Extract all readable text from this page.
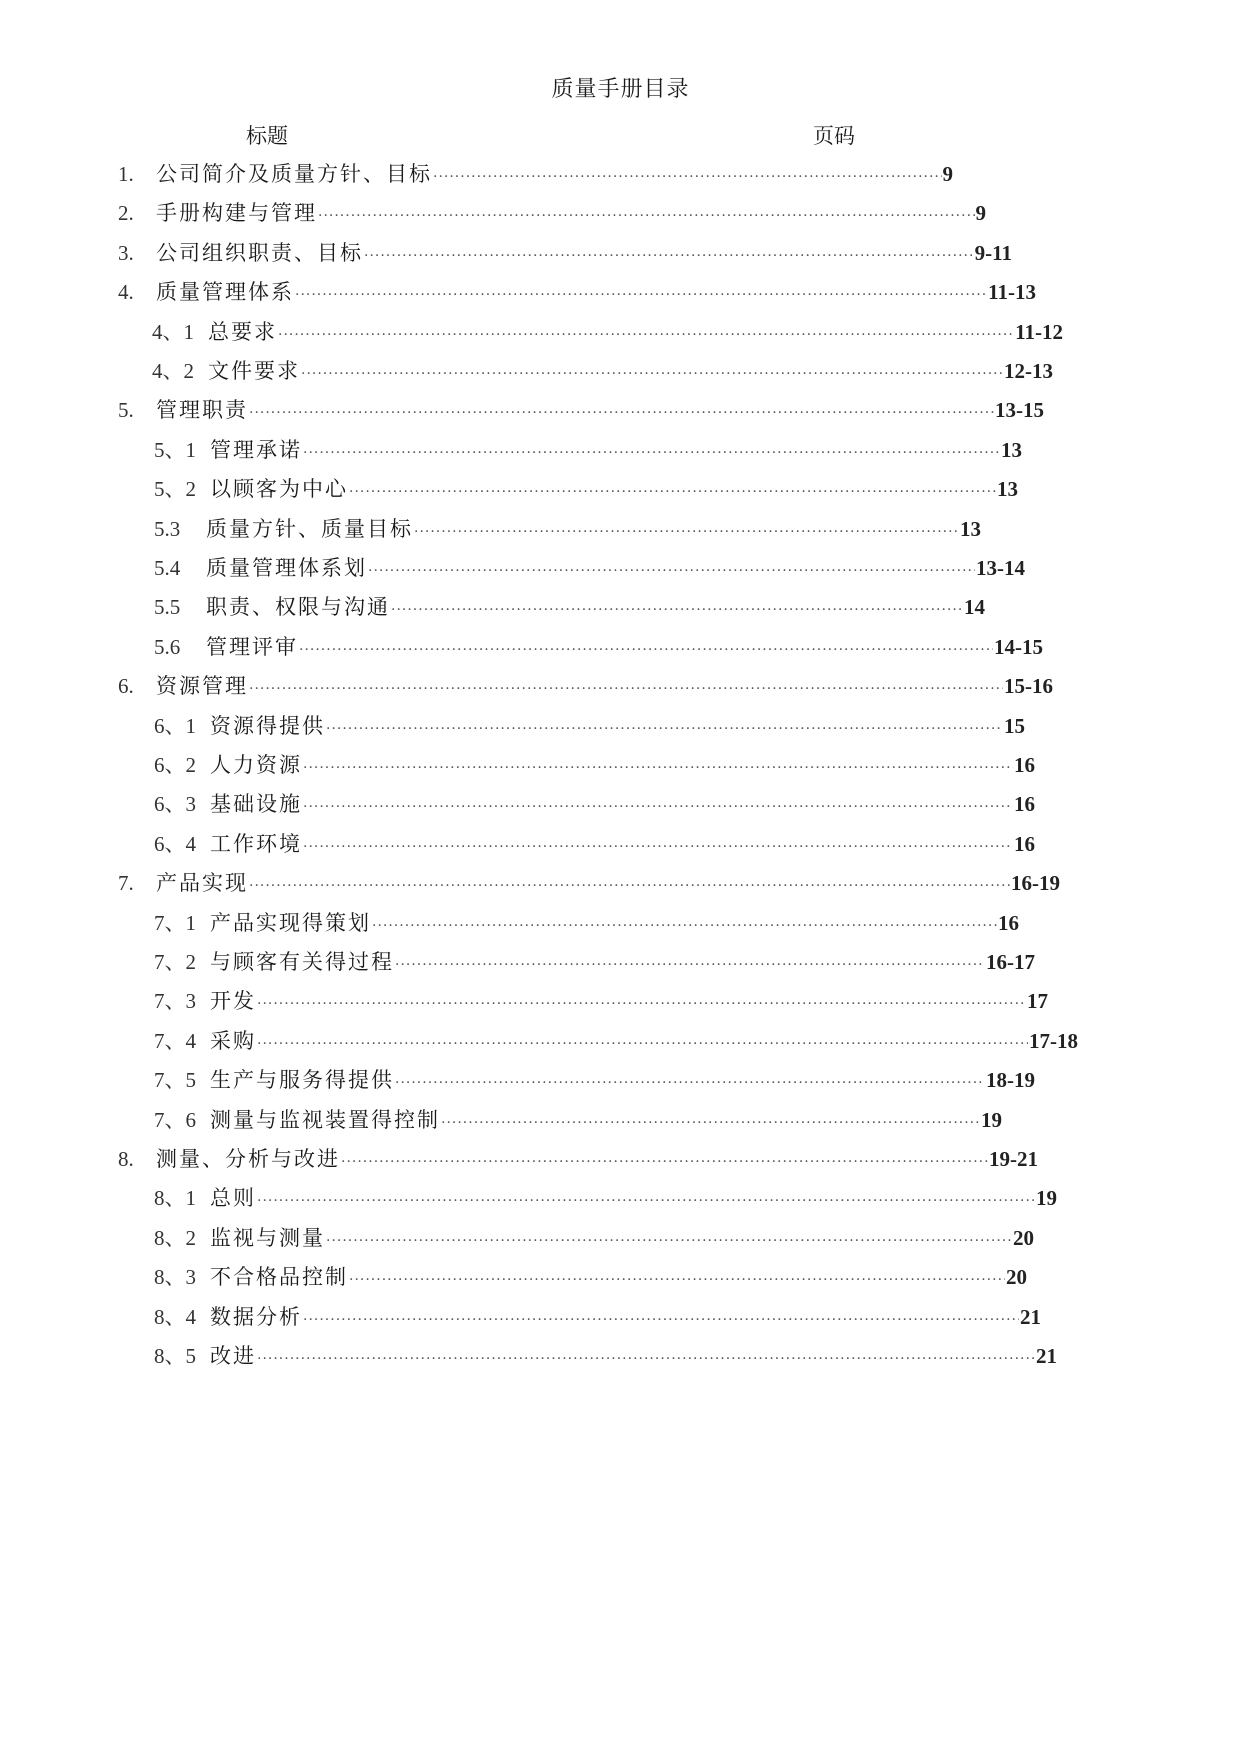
质量手册目录
标题	页码
1.	公司简介及质量方针、目标 ·····	9
2.	手册构建与管理 ·····	9
3.	公司组织职责、目标 ·····	9-11
4.	质量管理体系 ·····	11-13
4、1 总要求 ·····	11-12
4、2 文件要求 ·····	12-13
5.	管理职责 ·····	13-15
5、1 管理承诺 ·····	13
5、2 以顾客为中心 ·····	13
5.3	质量方针、质量目标 ·····	13
5.4	质量管理体系划 ·····	13-14
5.5	职责、权限与沟通 ·····	14
5.6	管理评审 ·····	14-15
6.	资源管理 ·····	15-16
6、1 资源得提供 ·····	15
6、2 人力资源 ·····	16
6、3 基础设施 ·····	16
6、4 工作环境 ·····	16
7.	产品实现 ·····	16-19
7、1 产品实现得策划 ·····	16
7、2 与顾客有关得过程 ·····	16-17
7、3 开发 ·····	17
7、4 采购 ·····	17-18
7、5 生产与服务得提供 ·····	18-19
7、6 测量与监视装置得控制 ·····	19
8.	测量、分析与改进 ·····	19-21
8、1 总则 ·····	19
8、2 监视与测量 ·····	20
8、3 不合格品控制 ·····	20
8、4 数据分析 ·····	21
8、5 改进 ·····	21
